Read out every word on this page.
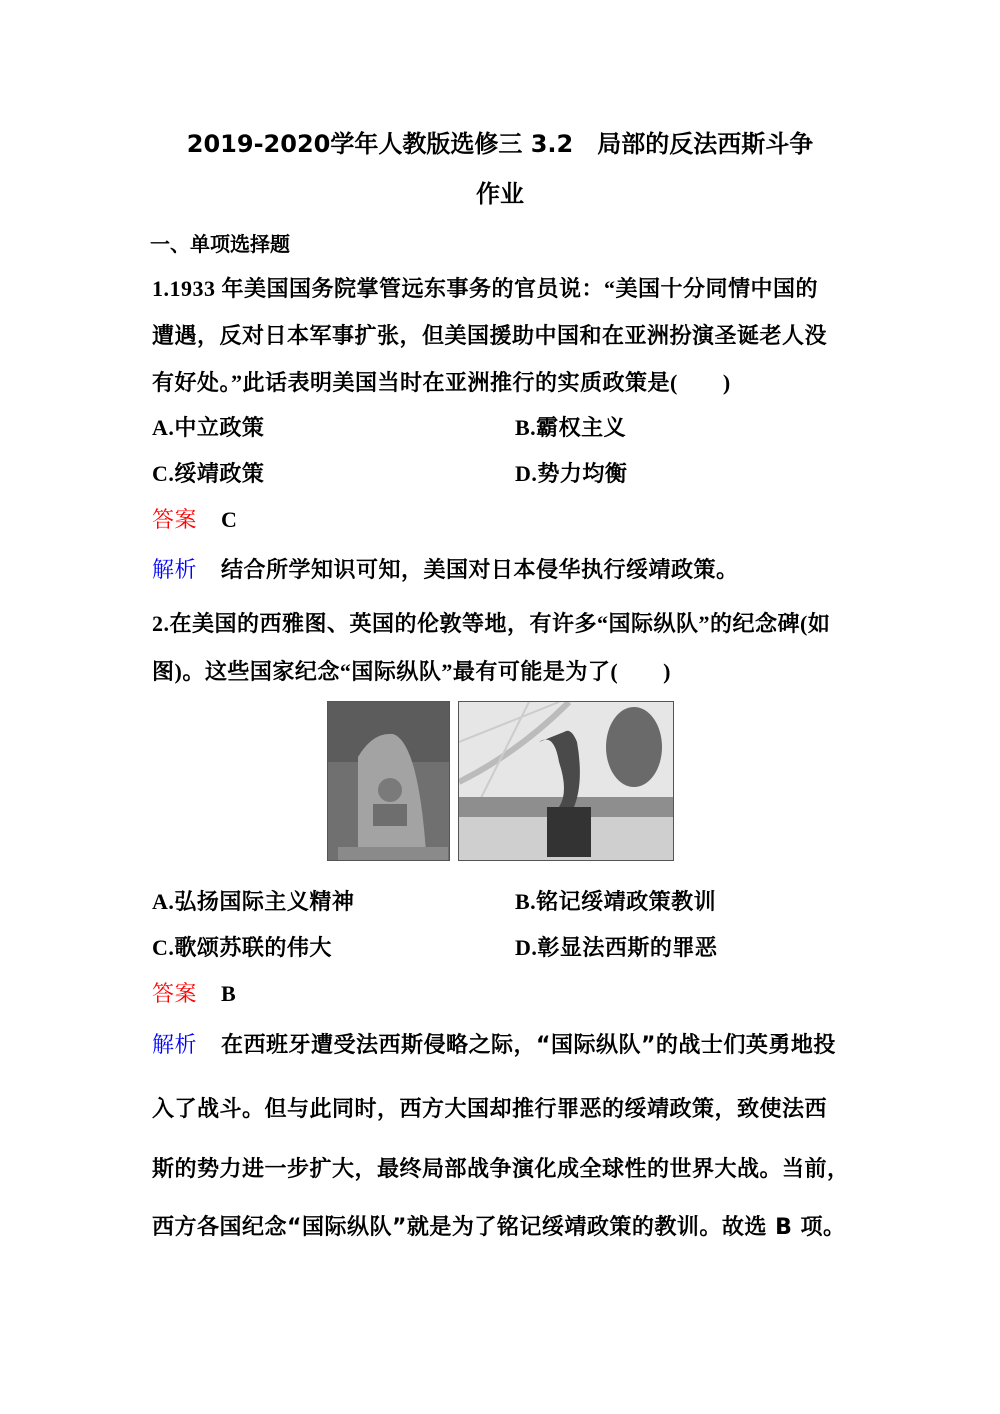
2019-2020学年人教版选修三 3.2　局部的反法西斯斗争
作业
一、单项选择题
1.1933 年美国国务院掌管远东事务的官员说：“美国十分同情中国的
遭遇，反对日本军事扩张，但美国援助中国和在亚洲扮演圣诞老人没
有好处。”此话表明美国当时在亚洲推行的实质政策是(　　)
A.中立政策	B.霸权主义
C.绥靖政策	D.势力均衡
答案 C
解析 结合所学知识可知，美国对日本侵华执行绥靖政策。
2.在美国的西雅图、英国的伦敦等地，有许多“国际纵队”的纪念碑(如
图)。这些国家纪念“国际纵队”最有可能是为了(　　)
A.弘扬国际主义精神	B.铭记绥靖政策教训
C.歌颂苏联的伟大	D.彰显法西斯的罪恶
答案 B
解析 在西班牙遭受法西斯侵略之际，“国际纵队”的战士们英勇地投
入了战斗。但与此同时，西方大国却推行罪恶的绥靖政策，致使法西
斯的势力进一步扩大，最终局部战争演化成全球性的世界大战。当前，
西方各国纪念“国际纵队”就是为了铭记绥靖政策的教训。故选 B 项。
